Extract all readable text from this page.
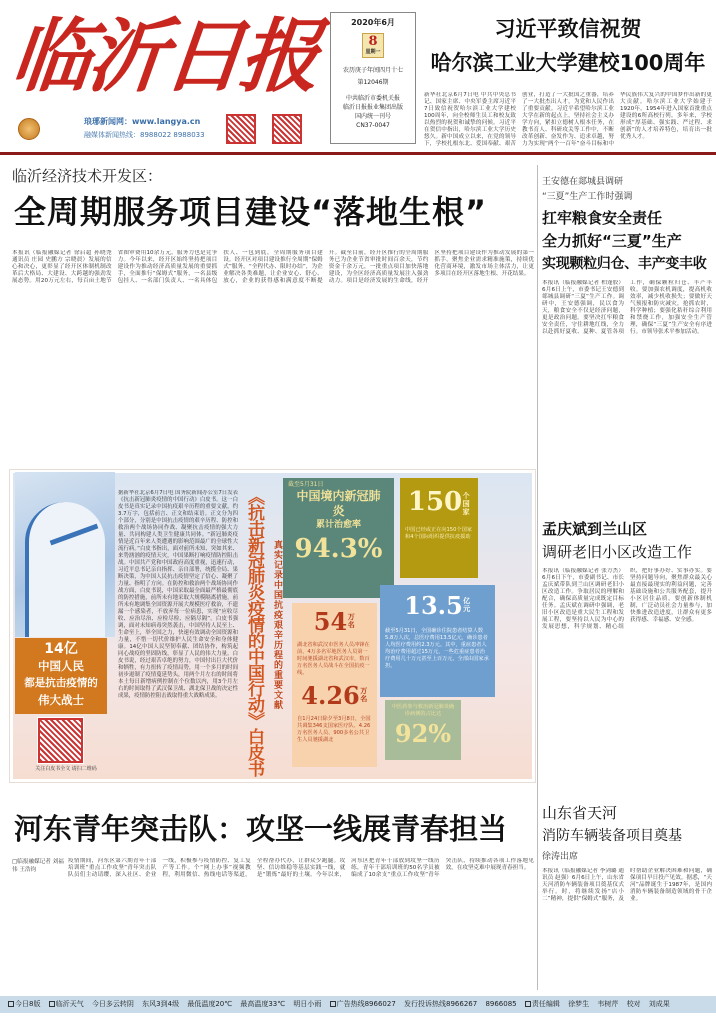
临沂日报
琅琊新闻网：www.langya.cn
融媒体新闻热线：8988022 8988033
2020年6月
8
星期一
农历庚子年闰四月十七
第12046期
中共临沂市委机关报
临沂日报报业集团出版
国内统一刊号
CN37-0047
习近平致信祝贺
哈尔滨工业大学建校100周年
新华社北京6月7日电 中共中央总书记、国家主席、中央军委主席习近平7日致信祝贺哈尔滨工业大学建校100周年，向全校师生员工和校友致以热烈的祝贺和诚挚的问候。习近平在贺信中指出，哈尔滨工业大学历史悠久。新中国成立以来，在党的领导下，学校扎根东北、爱国奉献、艰苦创业，打造了一大批国之重器，培养了一大批杰出人才，为党和人民作出了重要贡献。习近平希望哈尔滨工业大学在新的起点上，坚持社会主义办学方向，紧扣立德树人根本任务，在教书育人、科研攻关等工作中，不断改革创新、奋发作为、追求卓越，努力为实现“两个一百年”奋斗目标和中华民族伟大复兴的中国梦作出新的更大贡献。哈尔滨工业大学始建于1920年，1954年进入国家首批重点建设的6所高校行列。多年来，学校形成“厚基础、强实践、严过程、求创新”的人才培养特色，培育出一批优秀人才。
临沂经济技术开发区：
全周期服务项目建设“落地生根”
本报讯（临报融媒记者 徐启超 孙晓尧 通讯员 庄园 史鹏方 宗晓晨）发展的信心和决心，更彰显了经开区体制机制改革后大格局、大建设、大跨越的强劲发展态势。用20万元左右，每百亩土地节省图审费用10余万元。服务力也是竞争力。今年以来，经开区始终坚持把项目建设作为推动经济高质量发展的重要抓手，全面推行“保姆式”服务，一名县级包挂人、一名部门负责人、一名具体包扶人、一包到底，全周期服务项目建设。经开区对项目建设推行全周期“保姆式”服务，“全程代办、限时办结”，为企业解决各类难题，让企业安心、舒心、放心，企业的获得感和满意度不断提升。截至目前，经开区推行的全周期服务已为企业节省审批时间百余天，节约资金千余万元，一批重点项目加快落地建设，为全区经济高质量发展注入强劲动力。项目是经济发展的生命线，经开区坚持把项目建设作为推动发展的第一抓手，聚焦企业需求精准施策，持续优化营商环境，激发市场主体活力，让更多项目在经开区落地生根、开花结果。
王安德在郯城县调研
“三夏”生产工作时强调
扛牢粮食安全责任
全力抓好“三夏”生产
实现颗粒归仓、丰产变丰收
本报讯（临报融媒记者 柏蓬胶）6月6日上午，市委书记王安德到郯城县调研“三夏”生产工作。调研中，王安德强调，民以食为天，粮食安全不仅是经济问题，更是政治问题。要坚决扛牢粮食安全责任，守住耕地红线，全力以赴抓好夏收、夏种、夏管各项工作，确保颗粒归仓、丰产丰收。要加强农机调度，提高机收效率，减少机收损失；要做好天气预报和防灾减灾，抢抓农时，科学种植；要强化秸秆综合利用和禁烧工作，加强安全生产管理，确保“三夏”生产安全有序进行。市领导张术平参加活动。
孟庆斌到兰山区
调研老旧小区改造工作
本报讯（临报融媒记者 张方杰）6月6日下午，市委副书记、市长孟庆斌带队到兰山区调研老旧小区改造工作。争取居民的理解和配合，确保高质量完成既定目标任务。孟庆斌在调研中强调，老旧小区改造是重大民生工程和发展工程，要坚持以人民为中心的发展思想，科学规划、精心组织，把好事办好、实事办实。要坚持问题导向，聚焦群众最关心最直接最现实的利益问题，完善基础设施和公共服务配套，提升小区居住品质。要创新体制机制，广泛动员社会力量参与，加快推进改造进度，让群众有更多获得感、幸福感、安全感。
山东省天河
消防车辆装备项目奠基
徐涛出席
本报讯（临报融媒记者 李剑璐 通讯员 赵强）6月6日上午，山东省天河消防车辆装备项目奠基仪式举行。时，将继续发扬“店小二”精神，提供“保姆式”服务，及时帮助企业解决困难和问题，确保项目早日投产见效。据悉，“天河”品牌诞生于1987年，是国内消防车辆装备制造领域的骨干企业。
14亿
中国人民
都是抗击疫情的
伟大战士
关注白皮书全文 请扫二维码
据新华社北京6月7日电 国务院新闻办公室7日发表《抗击新冠肺炎疫情的中国行动》白皮书。这一白皮书是真实记录中国抗疫艰辛历程的重要文献，约3.7万字，包括前言、正文和结束语。正文分为四个部分，分别是中国抗击疫情的艰辛历程、防控和救治两个战场协同作战、凝聚抗击疫情的强大力量、共同构建人类卫生健康共同体。“新冠肺炎疫情是近百年来人类遭遇的影响范围最广的全球性大流行病。”白皮书指出，面对前所未知、突如其来、来势汹汹的疫情天灾，中国果断打响疫情防控阻击战。中国共产党和中国政府高度重视，迅速行动，习近平总书记亲自指挥、亲自部署，统揽全局、果断决策，为中国人民抗击疫情坚定了信心、凝聚了力量、指明了方向。在防控和救治两个战场协同作战方面，白皮书说，中国采取最全面最严格最彻底的防控措施，前所未有地采取大规模隔离措施，前所未有地调集全国资源开展大规模医疗救治，不遗漏一个感染者，不放弃每一位病患，实现“应收尽收、应治尽治、应检尽检、应隔尽隔”。白皮书强调，面对未知病毒突然袭击，中国坚持人民至上、生命至上，举全国之力，快速有效调动全国资源和力量，不惜一切代价维护人民生命安全和身体健康。14亿中国人民坚韧奉献、团结协作，构筑起同心战疫的坚固防线，彰显了人民的伟大力量。白皮书说，经过艰苦卓绝的努力，中国付出巨大代价和牺牲，有力扭转了疫情局势，用一个多月的时间初步遏制了疫情蔓延势头，用两个月左右的时间将本土每日新增病例控制在个位数以内，用3个月左右的时间取得了武汉保卫战、湖北保卫战的决定性成果，疫情防控阻击战取得重大战略成果。	《抗击新冠肺炎疫情的中国行动》白皮书 真实记录中国抗疫艰辛历程的重要文献
截至5月31日
中国境内新冠肺炎
累计治愈率
94.3%
150个国家
中国已经或正在向150个国家和4个国际组织提供抗疫援助
13.5亿元
截至5月31日，全国确诊住院患者结算人数5.8万人次，总医疗费用13.5亿元，确诊患者人均医疗费用约2.3万元。其中，重症患者人均治疗费用超过15万元，一些危重症患者治疗费用几十万元甚至上百万元，全部由国家承担。
54万名
湖北省和武汉市医务人员冲锋在前，4万多名军地医务人员第一时间驰援湖北省和武汉市，数百万名医务人员战斗在全国抗疫一线。
4.26万名
自1月24日除夕至3月8日，全国共调集346支国家医疗队、4.26万名医务人员、900多名公共卫生人员驰援湖北
中医药参与救治新冠肺炎确诊病例的占比达
92%
河东青年突击队：攻坚一线展青春担当
□临报融媒记者 刘福伟 王浩钧
疫情期间，河东区第六期青年干部培训班“重点工作攻坚”青年突击队队员们主动请缨，深入社区、企业一线，积极参与疫情防控、复工复产等工作。个“网上办事”视频教程，利用微信、热线电话等渠道，全程帮办代办，让群众少跑腿。攻坚、信访维稳等基层实践一线，就是“锻炼”最好的土壤。今年以来，河东区把青年干部放到攻坚一线历练，青年干部培训班的50名学员被编成了10余支“重点工作攻坚”青年突击队，持续推动各项工作落地见效，在攻坚克难中展现青春担当。
今日8版 临沂天气 今日多云转阴 东风3到4级 最低温度20℃ 最高温度33℃ 明日小雨 广告热线8966027 发行投诉热线8966267 8966085 责任编辑 徐梦生 韦树芹 校对 刘成果
